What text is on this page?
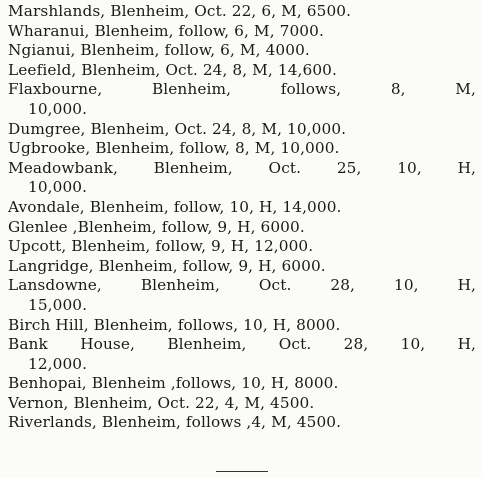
Marshlands, Blenheim, Oct. 22, 6, M, 6500.
Wharanui, Blenheim, follow, 6, M, 7000.
Ngianui, Blenheim, follow, 6, M, 4000.
Leefield, Blenheim, Oct. 24, 8, M, 14,600.
Flaxbourne, Blenheim, follows, 8, M,
10,000.
Dumgree, Blenheim, Oct. 24, 8, M, 10,000.
Ugbrooke, Blenheim, follow, 8, M, 10,000.
Meadowbank, Blenheim, Oct. 25, 10, H,
10,000.
Avondale, Blenheim, follow, 10, H, 14,000.
Glenlee ,Blenheim, follow, 9, H, 6000.
Upcott, Blenheim, follow, 9, H, 12,000.
Langridge, Blenheim, follow, 9, H, 6000.
Lansdowne, Blenheim, Oct. 28, 10, H,
15,000.
Birch Hill, Blenheim, follows, 10, H, 8000.
Bank House, Blenheim, Oct. 28, 10, H,
12,000.
Benhopai, Blenheim ,follows, 10, H, 8000.
Vernon, Blenheim, Oct. 22, 4, M, 4500.
Riverlands, Blenheim, follows ,4, M, 4500.
